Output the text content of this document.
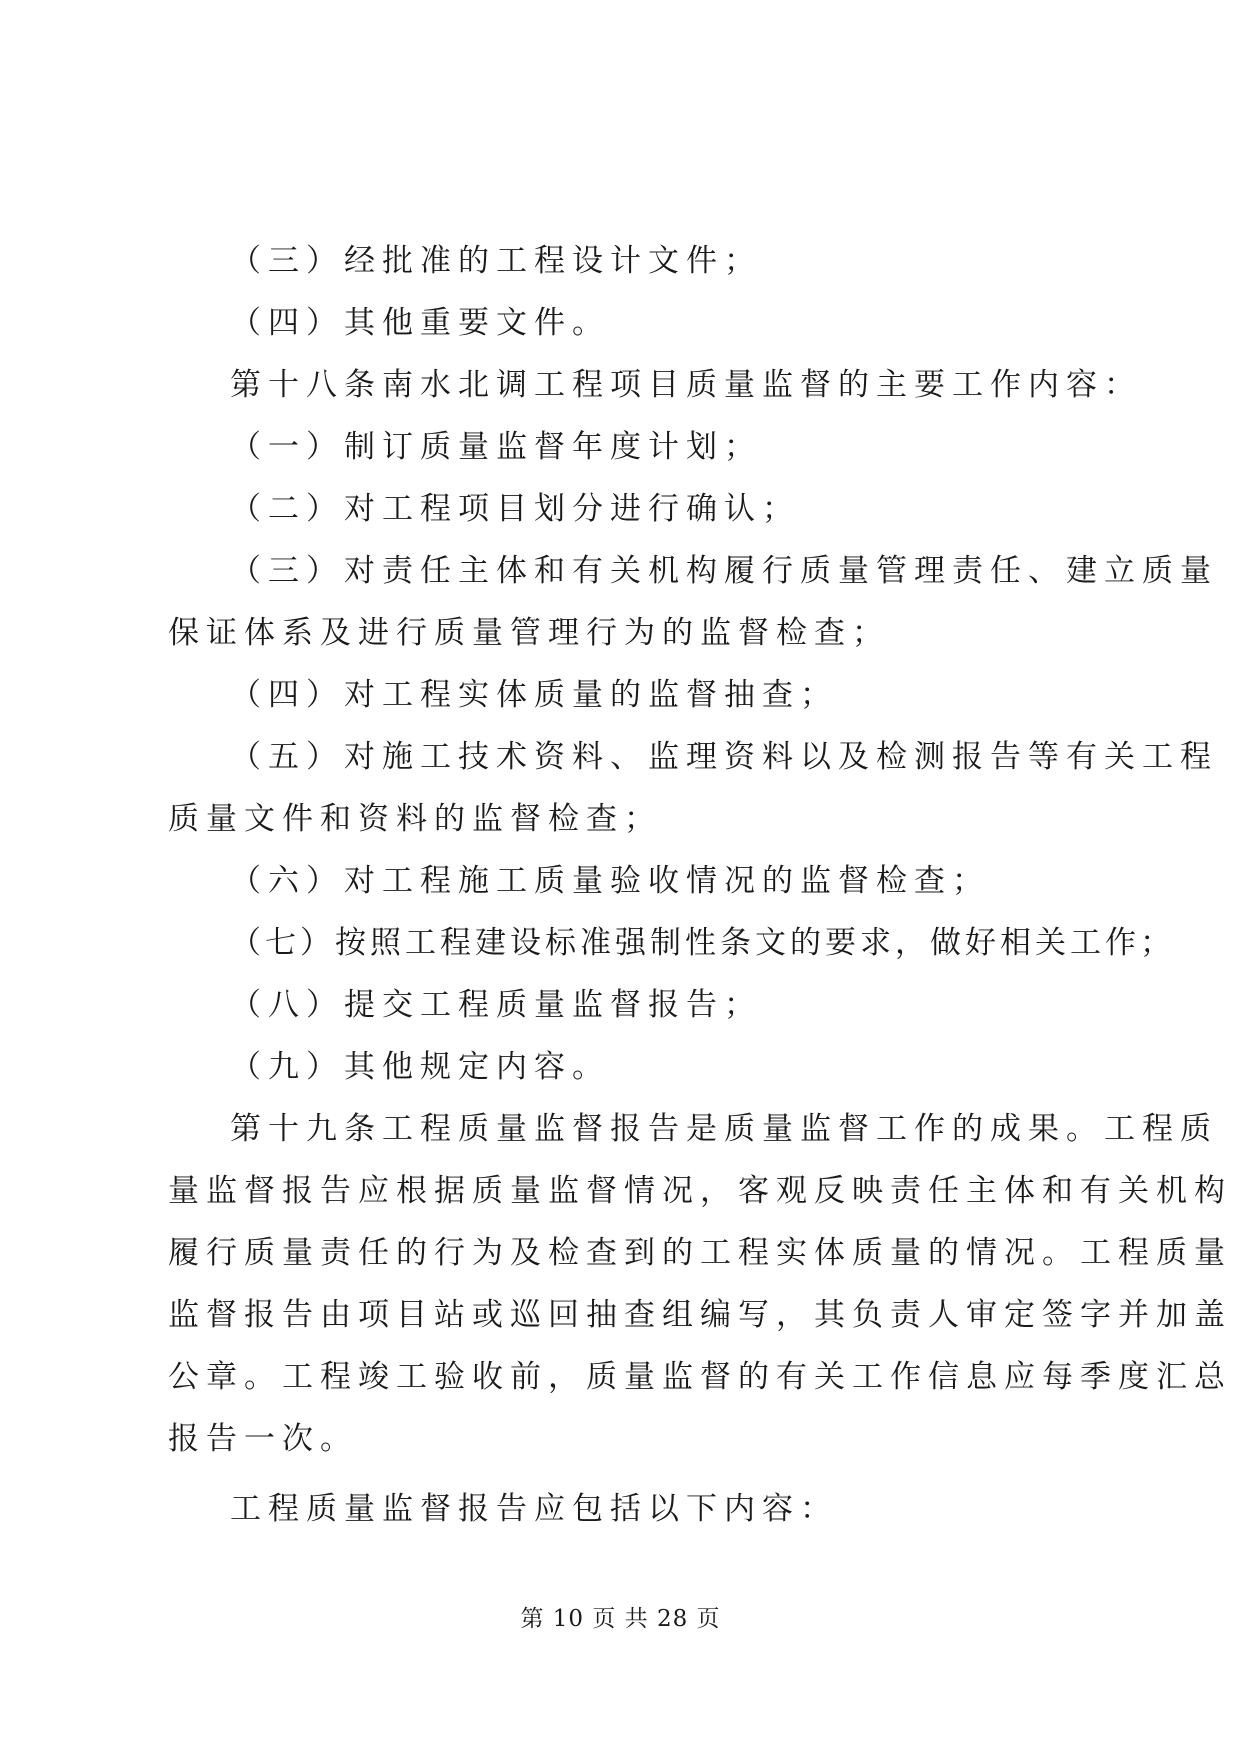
（三）经批准的工程设计文件；
（四）其他重要文件。
第十八条南水北调工程项目质量监督的主要工作内容：
（一）制订质量监督年度计划；
（二）对工程项目划分进行确认；
（三）对责任主体和有关机构履行质量管理责任、建立质量
保证体系及进行质量管理行为的监督检查；
（四）对工程实体质量的监督抽查；
（五）对施工技术资料、监理资料以及检测报告等有关工程
质量文件和资料的监督检查；
（六）对工程施工质量验收情况的监督检查；
（七）按照工程建设标准强制性条文的要求，做好相关工作；
（八）提交工程质量监督报告；
（九）其他规定内容。
第十九条工程质量监督报告是质量监督工作的成果。工程质
量监督报告应根据质量监督情况，客观反映责任主体和有关机构
履行质量责任的行为及检查到的工程实体质量的情况。工程质量
监督报告由项目站或巡回抽查组编写，其负责人审定签字并加盖
公章。工程竣工验收前，质量监督的有关工作信息应每季度汇总
报告一次。
工程质量监督报告应包括以下内容：
第 10 页 共 28 页
